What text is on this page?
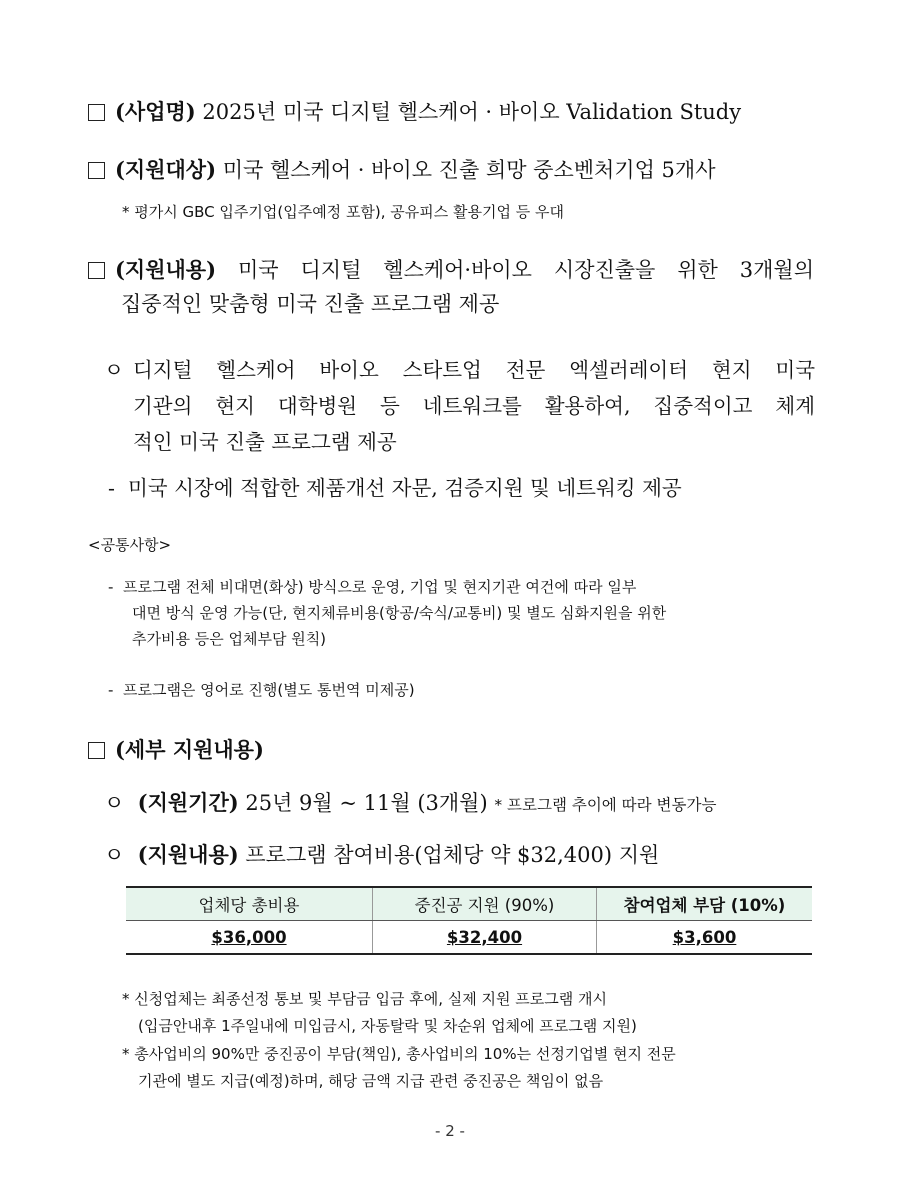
(사업명) 2025년 미국 디지털 헬스케어 · 바이오 Validation Study
(지원대상) 미국 헬스케어 · 바이오 진출 희망 중소벤처기업 5개사
* 평가시 GBC 입주기업(입주예정 포함), 공유피스 활용기업 등 우대
(지원내용) 미국 디지털 헬스케어·바이오 시장진출을 위한 3개월의
집중적인 맞춤형 미국 진출 프로그램 제공
ㅇ 디지털 헬스케어 바이오 스타트업 전문 엑셀러레이터 현지 미국
기관의 현지 대학병원 등 네트워크를 활용하여, 집중적이고 체계
적인 미국 진출 프로그램 제공
- 미국 시장에 적합한 제품개선 자문, 검증지원 및 네트워킹 제공
<공통사항>
- 프로그램 전체 비대면(화상) 방식으로 운영, 기업 및 현지기관 여건에 따라 일부
대면 방식 운영 가능(단, 현지체류비용(항공/숙식/교통비) 및 별도 심화지원을 위한
추가비용 등은 업체부담 원칙)
- 프로그램은 영어로 진행(별도 통번역 미제공)
(세부 지원내용)
ㅇ (지원기간) 25년 9월 ~ 11월 (3개월) * 프로그램 추이에 따라 변동가능
ㅇ (지원내용) 프로그램 참여비용(업체당 약 $32,400) 지원
업체당 총비용	중진공 지원 (90%)	참여업체 부담 (10%)
$36,000	$32,400	$3,600
* 신청업체는 최종선정 통보 및 부담금 입금 후에, 실제 지원 프로그램 개시
(입금안내후 1주일내에 미입금시, 자동탈락 및 차순위 업체에 프로그램 지원)
* 총사업비의 90%만 중진공이 부담(책임), 총사업비의 10%는 선정기업별 현지 전문
기관에 별도 지급(예정)하며, 해당 금액 지급 관련 중진공은 책임이 없음
- 2 -
